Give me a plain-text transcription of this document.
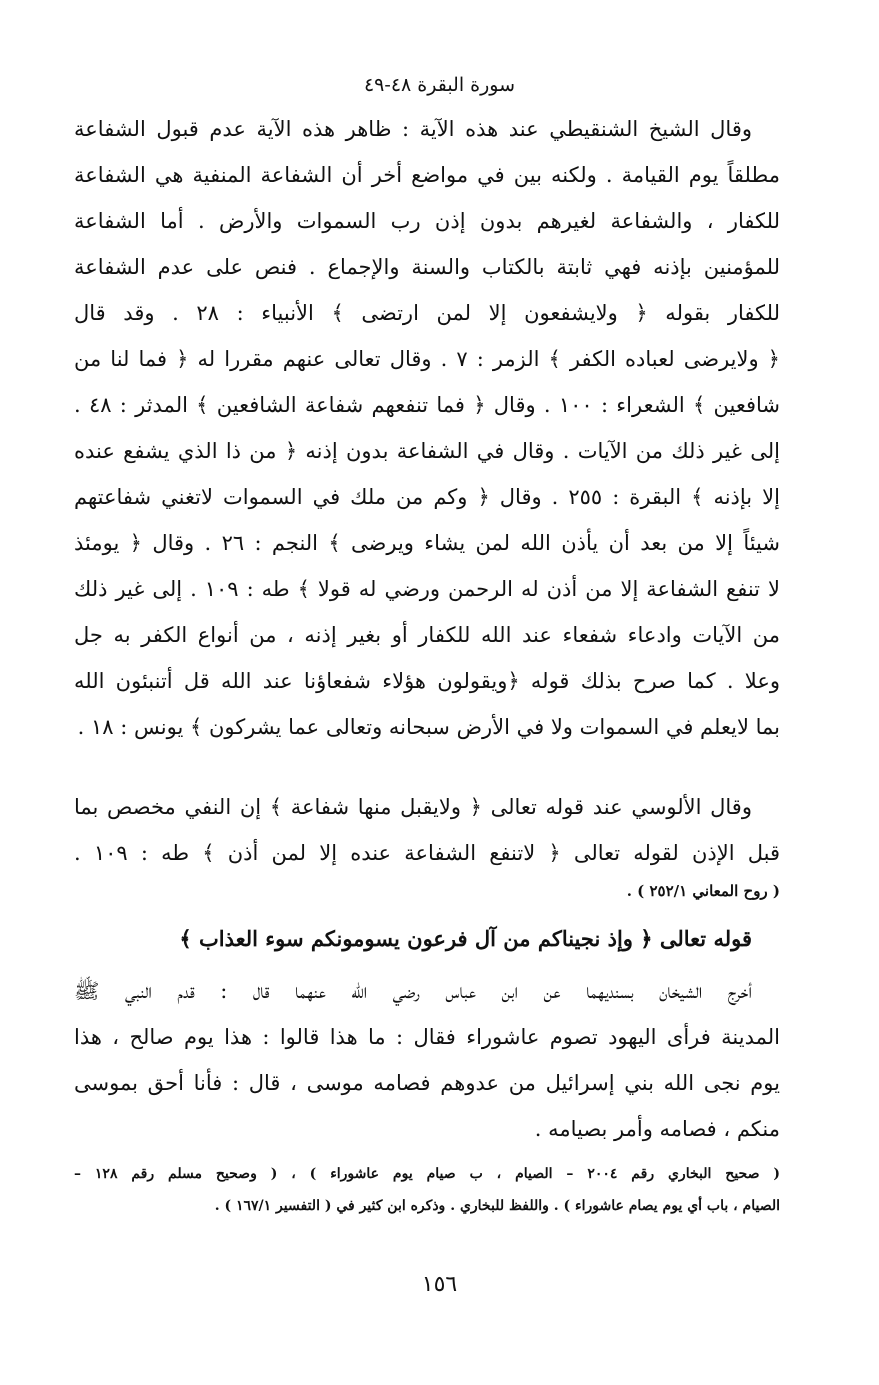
سورة البقرة ٤٨-٤٩
وقال الشيخ الشنقيطي عند هذه الآية : ظاهر هذه الآية عدم قبول الشفاعة
مطلقاً يوم القيامة . ولكنه بين في مواضع أخر أن الشفاعة المنفية هي الشفاعة
للكفار ، والشفاعة لغيرهم بدون إذن رب السموات والأرض . أما الشفاعة
للمؤمنين بإذنه فهي ثابتة بالكتاب والسنة والإجماع . فنص على عدم الشفاعة
للكفار بقوله ﴿ ولايشفعون إلا لمن ارتضى ﴾ الأنبياء : ٢٨ . وقد قال
﴿ ولايرضى لعباده الكفر ﴾ الزمر : ٧ . وقال تعالى عنهم مقررا له ﴿ فما لنا من
شافعين ﴾ الشعراء : ١٠٠ . وقال ﴿ فما تنفعهم شفاعة الشافعين ﴾ المدثر : ٤٨ .
إلى غير ذلك من الآيات . وقال في الشفاعة بدون إذنه ﴿ من ذا الذي يشفع عنده
إلا بإذنه ﴾ البقرة : ٢٥٥ . وقال ﴿ وكم من ملك في السموات لاتغني شفاعتهم
شيئاً إلا من بعد أن يأذن الله لمن يشاء ويرضى ﴾ النجم : ٢٦ . وقال ﴿ يومئذ
لا تنفع الشفاعة إلا من أذن له الرحمن ورضي له قولا ﴾ طه : ١٠٩ . إلى غير ذلك
من الآيات وادعاء شفعاء عند الله للكفار أو بغير إذنه ، من أنواع الكفر به جل
وعلا . كما صرح بذلك قوله ﴿ويقولون هؤلاء شفعاؤنا عند الله قل أتنبئون الله
بما لايعلم في السموات ولا في الأرض سبحانه وتعالى عما يشركون ﴾ يونس : ١٨ .
وقال الألوسي عند قوله تعالى ﴿ ولايقبل منها شفاعة ﴾ إن النفي مخصص بما
قبل الإذن لقوله تعالى ﴿ لاتنفع الشفاعة عنده إلا لمن أذن ﴾ طه : ١٠٩ .
( روح المعاني ٢٥٢/١ ) .
قوله تعالى ﴿ وإذ نجيناكم من آل فرعون يسومونكم سوء العذاب ﴾
أخرج الشيخان بسنديهما عن ابن عباس رضي الله عنهما قال : قدم النبي ﷺ
المدينة فرأى اليهود تصوم عاشوراء فقال : ما هذا قالوا : هذا يوم صالح ، هذا
يوم نجى الله بني إسرائيل من عدوهم فصامه موسى ، قال : فأنا أحق بموسى
منكم ، فصامه وأمر بصيامه .
( صحيح البخاري رقم ٢٠٠٤ – الصيام ، ب صيام يوم عاشوراء ) ، ( وصحيح مسلم رقم ١٢٨ –
الصيام ، باب أي يوم يصام عاشوراء ) . واللفظ للبخاري . وذكره ابن كثير في ( التفسير ١٦٧/١ ) .
١٥٦
